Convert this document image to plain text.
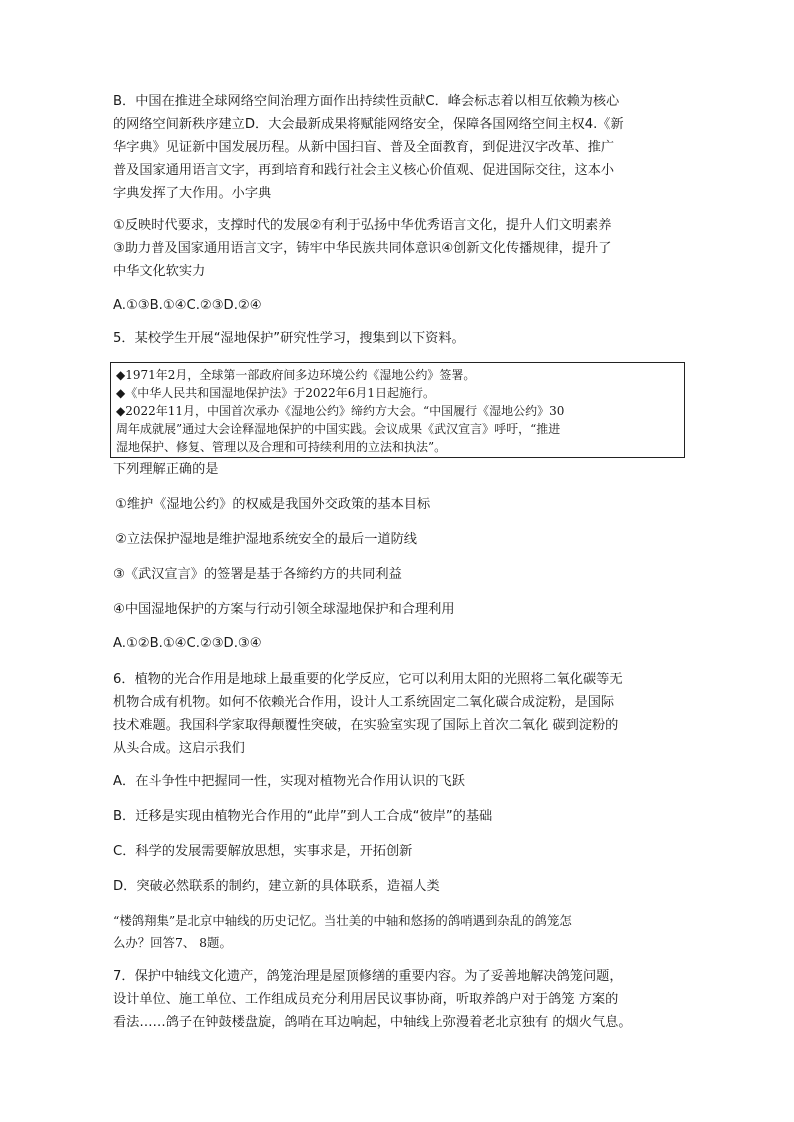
B．中国在推进全球网络空间治理方面作出持续性贡献C．峰会标志着以相互依赖为核心
的网络空间新秩序建立D．大会最新成果将赋能网络安全，保障各国网络空间主权4.《新
华字典》见证新中国发展历程。从新中国扫盲、普及全面教育，到促进汉字改革、推广
普及国家通用语言文字，再到培育和践行社会主义核心价值观、促进国际交往，这本小
字典发挥了大作用。小字典
①反映时代要求，支撑时代的发展②有利于弘扬中华优秀语言文化，提升人们文明素养
③助力普及国家通用语言文字，铸牢中华民族共同体意识④创新文化传播规律，提升了
中华文化软实力
A.①③B.①④C.②③D.②④
5．某校学生开展“湿地保护”研究性学习，搜集到以下资料。
◆1971年2月，全球第一部政府间多边环境公约《湿地公约》签署。
◆《中华人民共和国湿地保护法》于2022年6月1日起施行。
◆2022年11月，中国首次承办《湿地公约》缔约方大会。“中国履行《湿地公约》30
周年成就展”通过大会诠释湿地保护的中国实践。会议成果《武汉宣言》呼吁，“推进
湿地保护、修复、管理以及合理和可持续利用的立法和执法”。
下列理解正确的是
①维护《湿地公约》的权威是我国外交政策的基本目标
②立法保护湿地是维护湿地系统安全的最后一道防线
③《武汉宣言》的签署是基于各缔约方的共同利益
④中国湿地保护的方案与行动引领全球湿地保护和合理利用
A.①②B.①④C.②③D.③④
6．植物的光合作用是地球上最重要的化学反应，它可以利用太阳的光照将二氧化碳等无
机物合成有机物。如何不依赖光合作用，设计人工系统固定二氧化碳合成淀粉，是国际
技术难题。我国科学家取得颠覆性突破，在实验室实现了国际上首次二氧化 碳到淀粉的
从头合成。这启示我们
A．在斗争性中把握同一性，实现对植物光合作用认识的飞跃
B．迁移是实现由植物光合作用的“此岸”到人工合成“彼岸”的基础
C．科学的发展需要解放思想，实事求是，开拓创新
D．突破必然联系的制约，建立新的具体联系，造福人类
“楼鸽翔集”是北京中轴线的历史记忆。当壮美的中轴和悠扬的鸽哨遇到杂乱的鸽笼怎
么办？回答7、 8题。
7．保护中轴线文化遗产，鸽笼治理是屋顶修缮的重要内容。为了妥善地解决鸽笼问题，
设计单位、施工单位、工作组成员充分利用居民议事协商，听取养鸽户对于鸽笼 方案的
看法……鸽子在钟鼓楼盘旋，鸽哨在耳边响起，中轴线上弥漫着老北京独有 的烟火气息。
